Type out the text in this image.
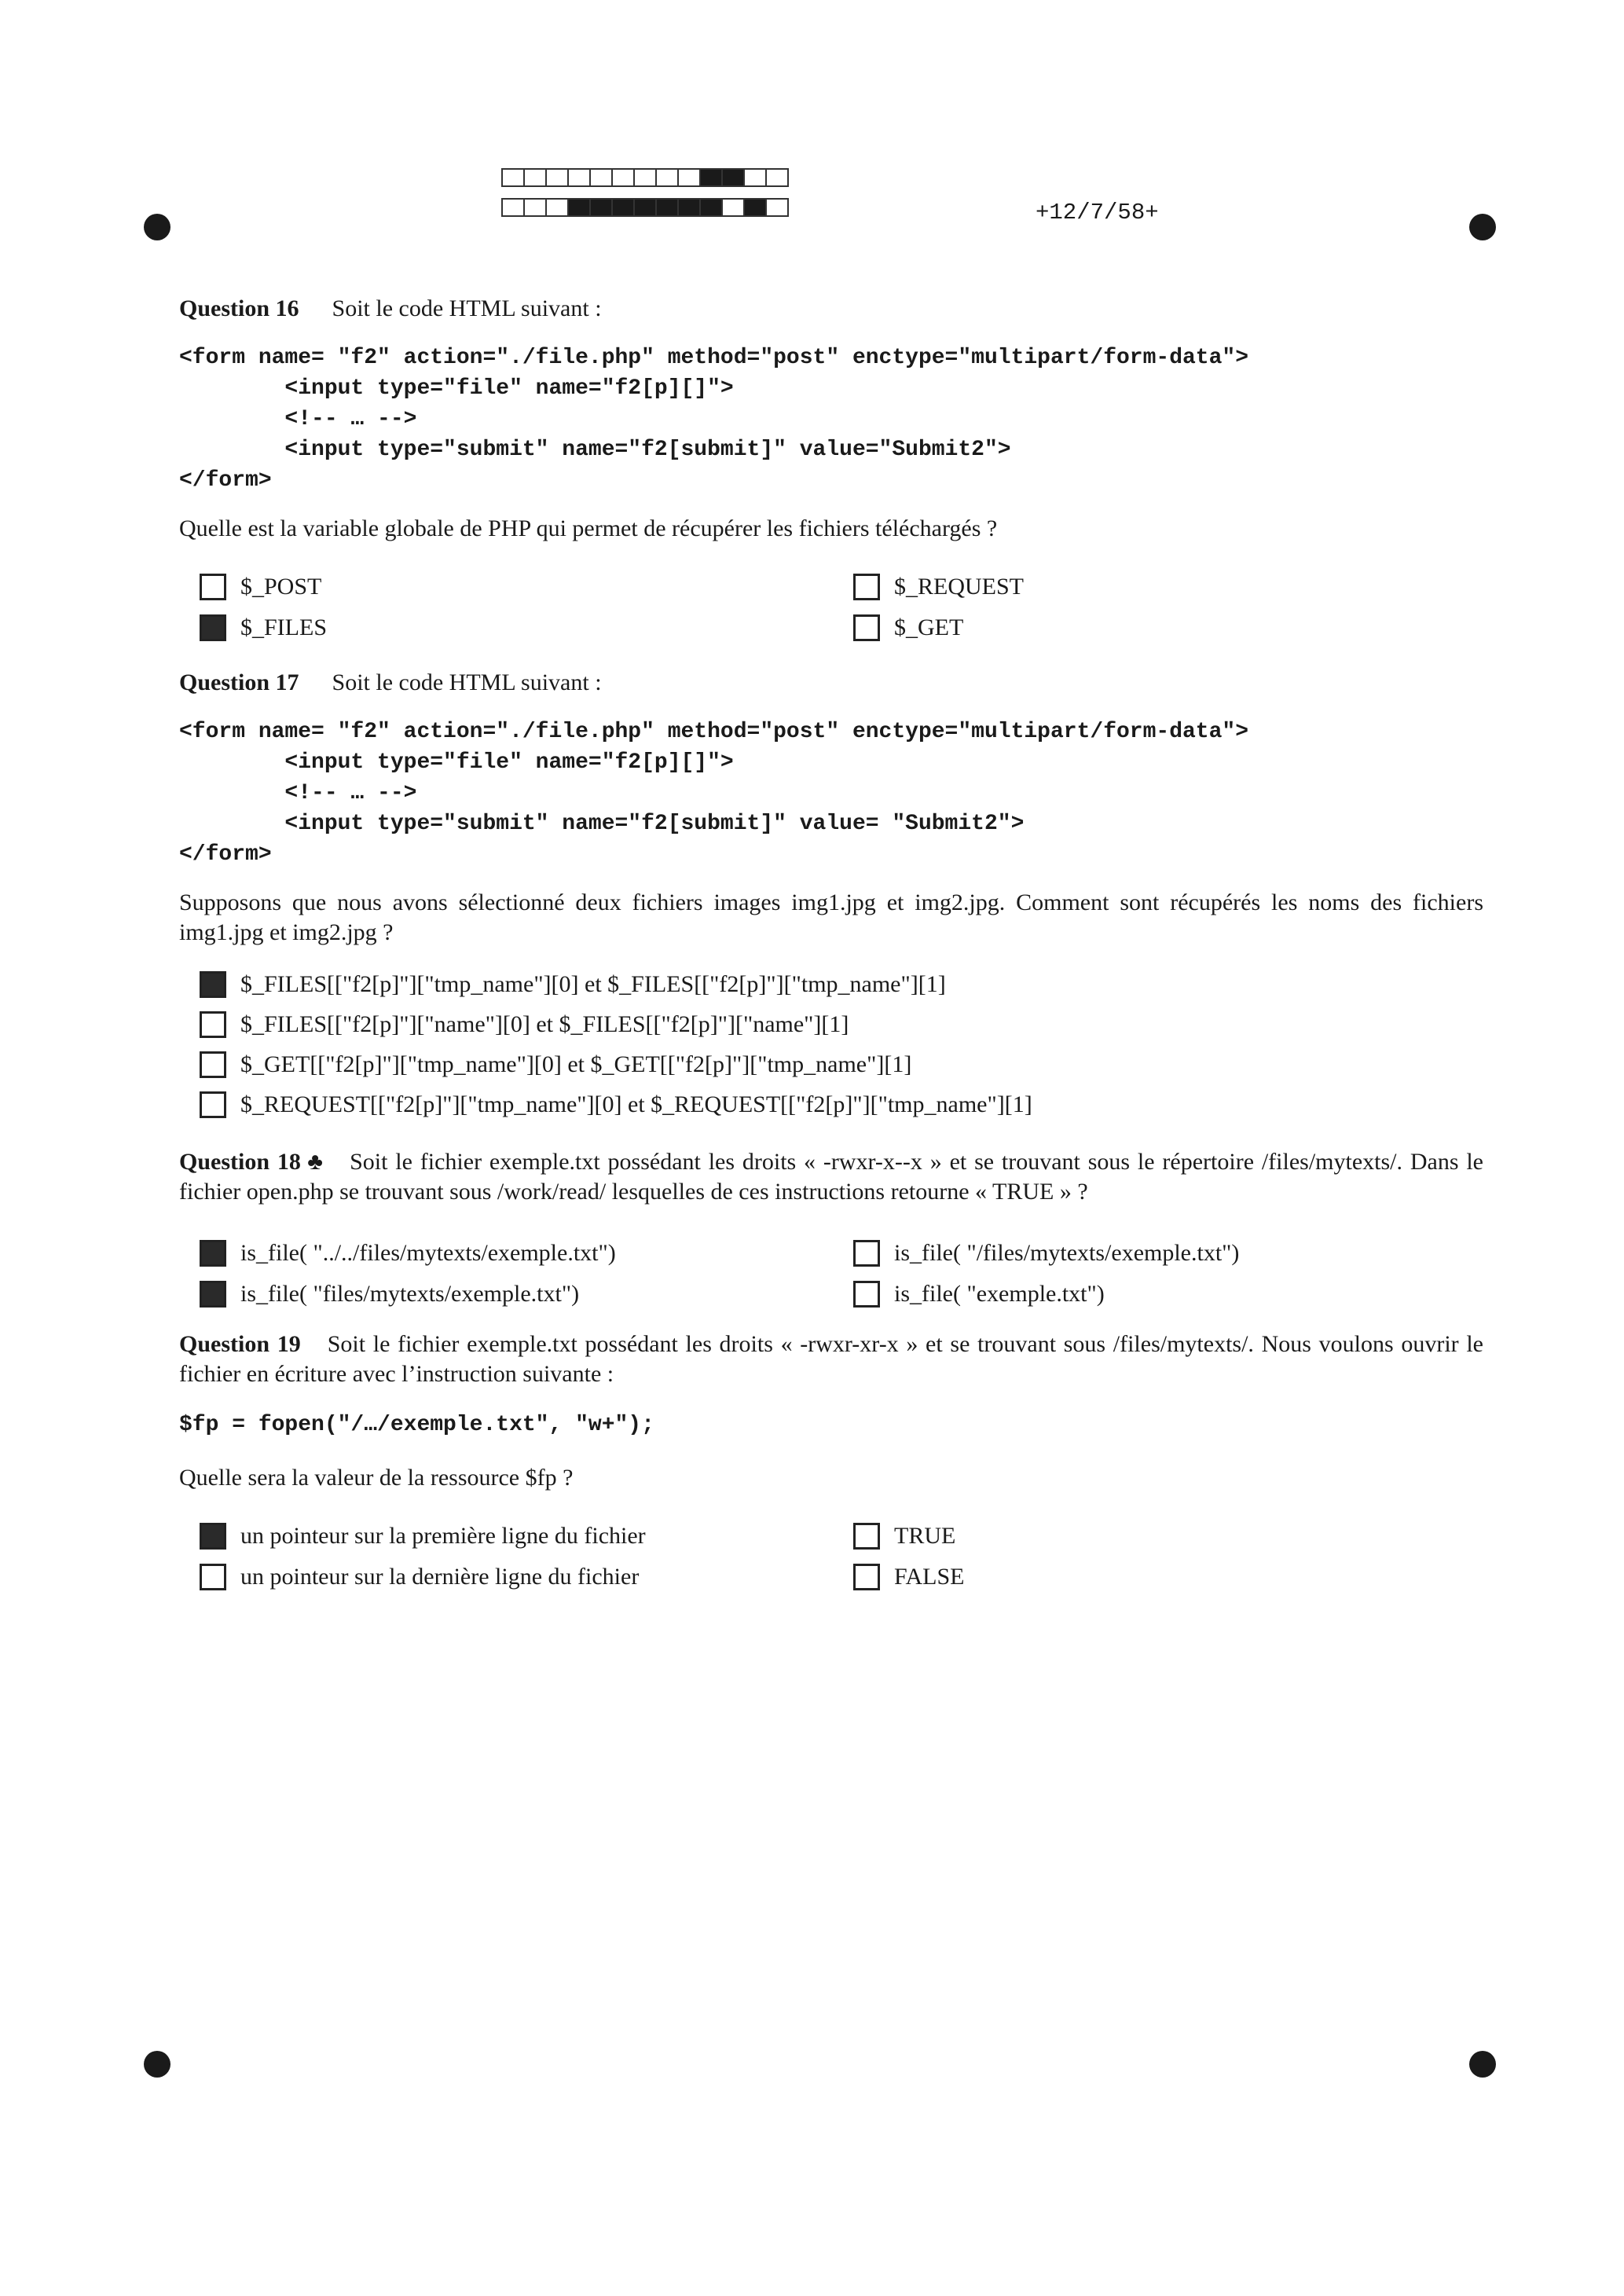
+12/7/58+
Question 16 Soit le code HTML suivant :
<form name= "f2" action="./file.php" method="post" enctype="multipart/form-data">
<input type="file" name="f2[p][]">
<!-- … -->
<input type="submit" name="f2[submit]" value="Submit2">
</form>
Quelle est la variable globale de PHP qui permet de récupérer les fichiers téléchargés ?
$_POST	$_REQUEST
$_FILES	$_GET
Question 17 Soit le code HTML suivant :
<form name= "f2" action="./file.php" method="post" enctype="multipart/form-data">
<input type="file" name="f2[p][]">
<!-- … -->
<input type="submit" name="f2[submit]" value= "Submit2">
</form>
Supposons que nous avons sélectionné deux fichiers images img1.jpg et img2.jpg. Comment sont récupérés les noms des fichiers img1.jpg et img2.jpg ?
$_FILES[["f2[p]"]["tmp_name"][0] et $_FILES[["f2[p]"]["tmp_name"][1]
$_FILES[["f2[p]"]["name"][0] et $_FILES[["f2[p]"]["name"][1]
$_GET[["f2[p]"]["tmp_name"][0] et $_GET[["f2[p]"]["tmp_name"][1]
$_REQUEST[["f2[p]"]["tmp_name"][0] et $_REQUEST[["f2[p]"]["tmp_name"][1]
Question 18 ♣ Soit le fichier exemple.txt possédant les droits « -rwxr-x--x » et se trouvant sous le répertoire /files/mytexts/. Dans le fichier open.php se trouvant sous /work/read/ lesquelles de ces instructions retourne « TRUE » ?
is_file( "../../files/mytexts/exemple.txt")	is_file( "/files/mytexts/exemple.txt")
is_file( "files/mytexts/exemple.txt")	is_file( "exemple.txt")
Question 19 Soit le fichier exemple.txt possédant les droits « -rwxr-xr-x » et se trouvant sous /files/mytexts/. Nous voulons ouvrir le fichier en écriture avec l’instruction suivante :
$fp = fopen("/…/exemple.txt", "w+");
Quelle sera la valeur de la ressource $fp ?
un pointeur sur la première ligne du fichier	TRUE
un pointeur sur la dernière ligne du fichier	FALSE
